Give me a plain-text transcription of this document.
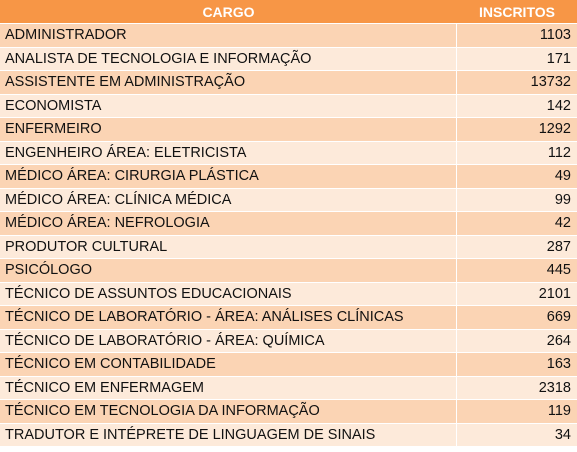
CARGO	INSCRITOS
ADMINISTRADOR	1103
ANALISTA DE TECNOLOGIA E INFORMAÇÃO	171
ASSISTENTE EM ADMINISTRAÇÃO	13732
ECONOMISTA	142
ENFERMEIRO	1292
ENGENHEIRO ÁREA: ELETRICISTA	112
MÉDICO ÁREA: CIRURGIA PLÁSTICA	49
MÉDICO ÁREA: CLÍNICA MÉDICA	99
MÉDICO ÁREA: NEFROLOGIA	42
PRODUTOR CULTURAL	287
PSICÓLOGO	445
TÉCNICO DE ASSUNTOS EDUCACIONAIS	2101
TÉCNICO DE LABORATÓRIO - ÁREA: ANÁLISES CLÍNICAS	669
TÉCNICO DE LABORATÓRIO - ÁREA: QUÍMICA	264
TÉCNICO EM CONTABILIDADE	163
TÉCNICO EM ENFERMAGEM	2318
TÉCNICO EM TECNOLOGIA DA INFORMAÇÃO	119
TRADUTOR E INTÉPRETE DE LINGUAGEM DE SINAIS	34
